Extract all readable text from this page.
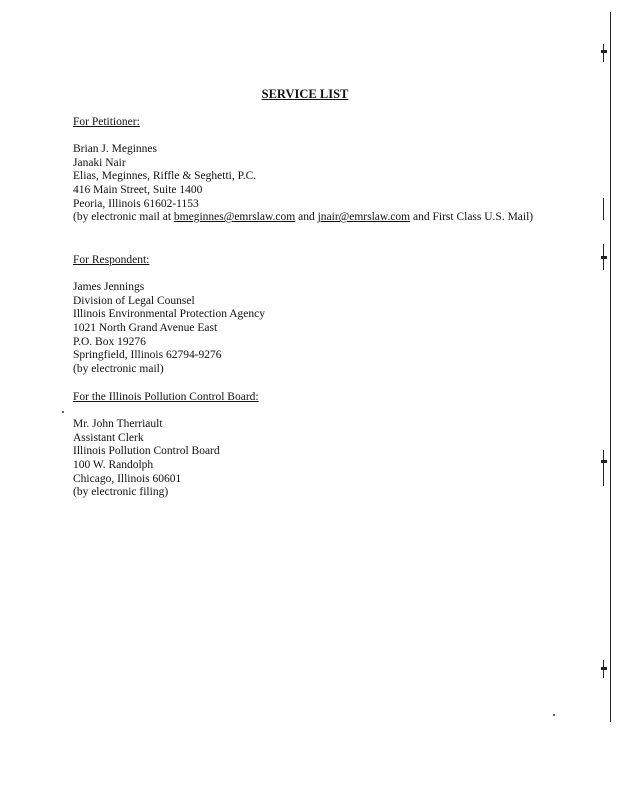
SERVICE LIST

For Petitioner:

Brian J. Meginnes

Janaki Nair

Elias, Meginnes, Riffle & Seghetti, P.C.

416 Main Street, Suite 1400

Peoria, Illinois 61602-1153

(by electronic mail at bmeginnes@emrslaw.com and jnair@emrslaw.com and First Class U.S. Mail)

For Respondent:

James Jennings

Division of Legal Counsel

Illinois Environmental Protection Agency

1021 North Grand Avenue East

P.O. Box 19276

Springfield, Illinois 62794-9276

(by electronic mail)

For the Illinois Pollution Control Board:

Mr. John Therriault

Assistant Clerk

Illinois Pollution Control Board

100 W. Randolph

Chicago, Illinois 60601

(by electronic filing)
